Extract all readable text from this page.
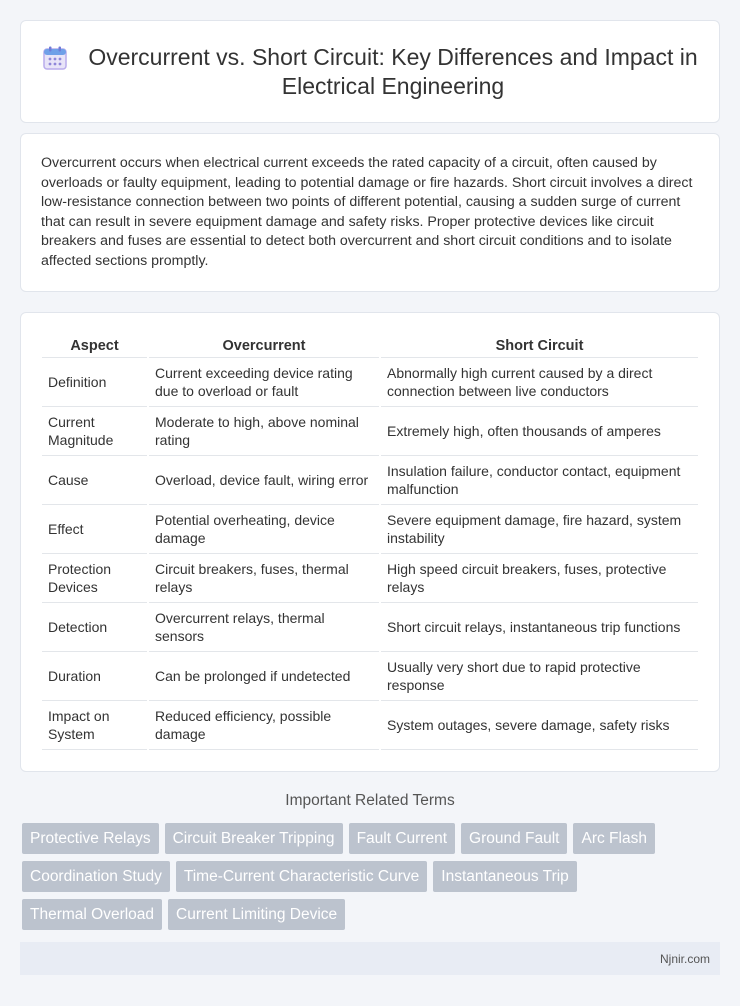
Overcurrent vs. Short Circuit: Key Differences and Impact in Electrical Engineering

Overcurrent occurs when electrical current exceeds the rated capacity of a circuit, often caused by overloads or faulty equipment, leading to potential damage or fire hazards. Short circuit involves a direct low-resistance connection between two points of different potential, causing a sudden surge of current that can result in severe equipment damage and safety risks. Proper protective devices like circuit breakers and fuses are essential to detect both overcurrent and short circuit conditions and to isolate affected sections promptly.

Aspect	Overcurrent	Short Circuit
Definition	Current exceeding device rating due to overload or fault	Abnormally high current caused by a direct connection between live conductors
Current Magnitude	Moderate to high, above nominal rating	Extremely high, often thousands of amperes
Cause	Overload, device fault, wiring error	Insulation failure, conductor contact, equipment malfunction
Effect	Potential overheating, device damage	Severe equipment damage, fire hazard, system instability
Protection Devices	Circuit breakers, fuses, thermal relays	High speed circuit breakers, fuses, protective relays
Detection	Overcurrent relays, thermal sensors	Short circuit relays, instantaneous trip functions
Duration	Can be prolonged if undetected	Usually very short due to rapid protective response
Impact on System	Reduced efficiency, possible damage	System outages, severe damage, safety risks
Important Related Terms
Protective Relays	Circuit Breaker Tripping	Fault Current	Ground Fault	Arc Flash
Coordination Study	Time-Current Characteristic Curve	Instantaneous Trip
Thermal Overload	Current Limiting Device
Njnir.com
